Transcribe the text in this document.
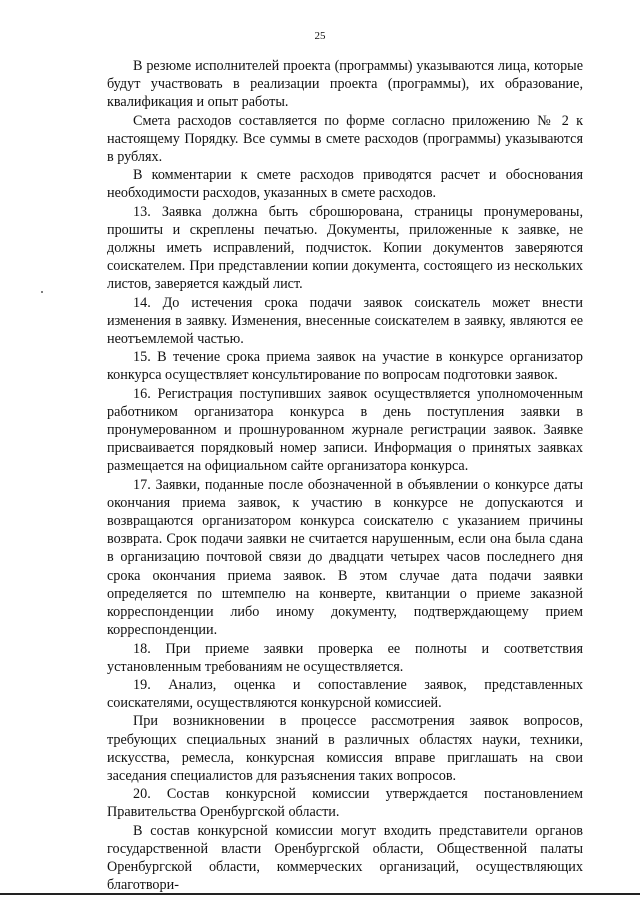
25

В резюме исполнителей проекта (программы) указываются лица, которые будут участвовать в реализации проекта (программы), их образование, квалификация и опыт работы.

Смета расходов составляется по форме согласно приложению № 2 к настоящему Порядку. Все суммы в смете расходов (программы) указываются в рублях.

В комментарии к смете расходов приводятся расчет и обоснования необходимости расходов, указанных в смете расходов.

13. Заявка должна быть сброшюрована, страницы пронумерованы, прошиты и скреплены печатью. Документы, приложенные к заявке, не должны иметь исправлений, подчисток. Копии документов заверяются соискателем. При представлении копии документа, состоящего из нескольких листов, заверяется каждый лист.

14. До истечения срока подачи заявок соискатель может внести изменения в заявку. Изменения, внесенные соискателем в заявку, являются ее неотъемлемой частью.

15. В течение срока приема заявок на участие в конкурсе организатор конкурса осуществляет консультирование по вопросам подготовки заявок.

16. Регистрация поступивших заявок осуществляется уполномоченным работником организатора конкурса в день поступления заявки в пронумерованном и прошнурованном журнале регистрации заявок. Заявке присваивается порядковый номер записи. Информация о принятых заявках размещается на официальном сайте организатора конкурса.

17. Заявки, поданные после обозначенной в объявлении о конкурсе даты окончания приема заявок, к участию в конкурсе не допускаются и возвращаются организатором конкурса соискателю с указанием причины возврата. Срок подачи заявки не считается нарушенным, если она была сдана в организацию почтовой связи до двадцати четырех часов последнего дня срока окончания приема заявок. В этом случае дата подачи заявки определяется по штемпелю на конверте, квитанции о приеме заказной корреспонденции либо иному документу, подтверждающему прием корреспонденции.

18. При приеме заявки проверка ее полноты и соответствия установленным требованиям не осуществляется.

19. Анализ, оценка и сопоставление заявок, представленных соискателями, осуществляются конкурсной комиссией.

При возникновении в процессе рассмотрения заявок вопросов, требующих специальных знаний в различных областях науки, техники, искусства, ремесла, конкурсная комиссия вправе приглашать на свои заседания специалистов для разъяснения таких вопросов.

20. Состав конкурсной комиссии утверждается постановлением Правительства Оренбургской области.

В состав конкурсной комиссии могут входить представители органов государственной власти Оренбургской области, Общественной палаты Оренбургской области, коммерческих организаций, осуществляющих благотвори-
